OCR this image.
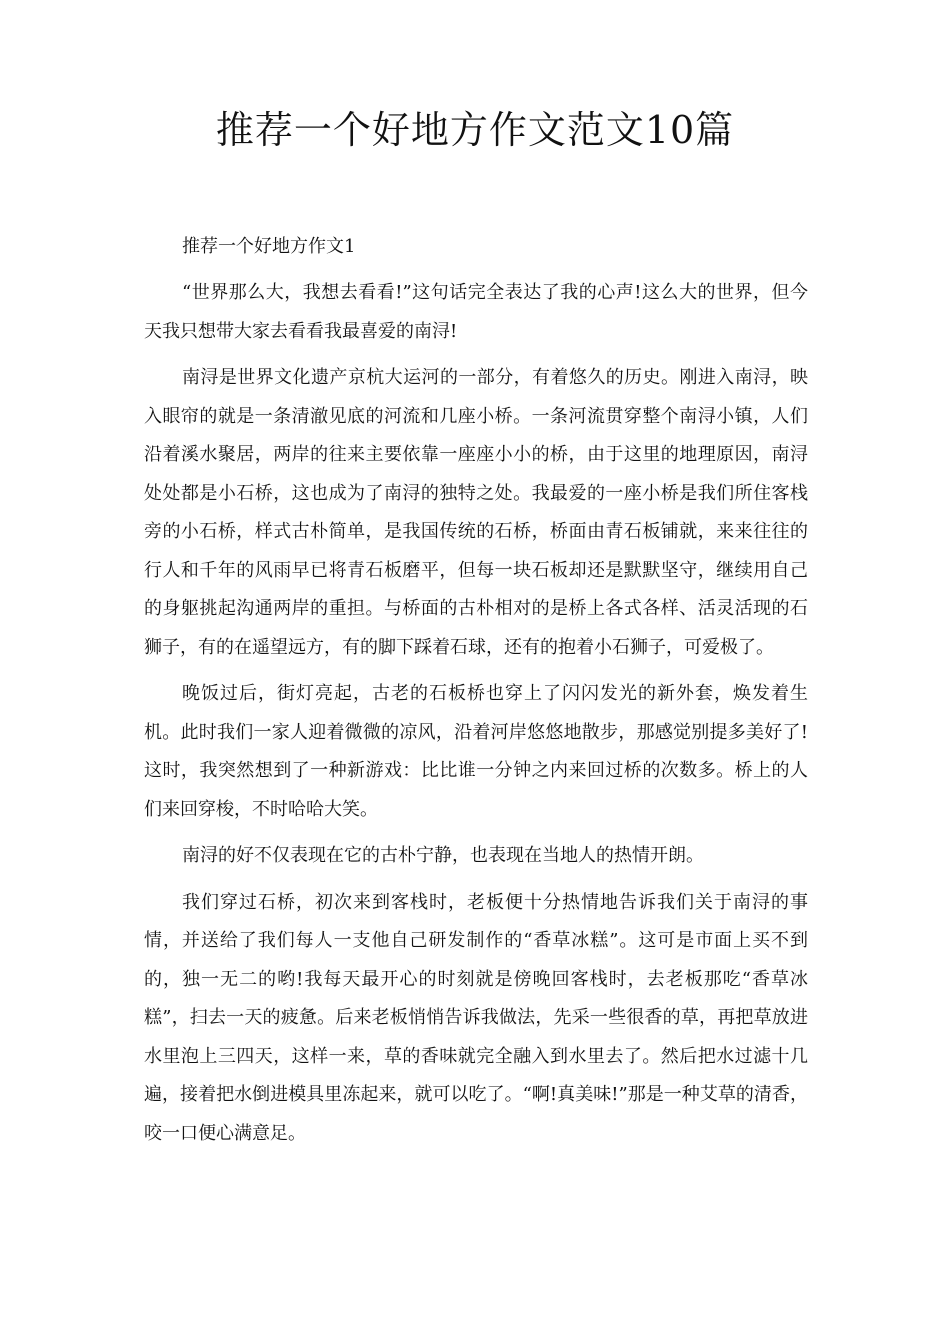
推荐一个好地方作文范文10篇

推荐一个好地方作文1

“世界那么大，我想去看看!”这句话完全表达了我的心声!这么大的世界，但今天我只想带大家去看看我最喜爱的南浔!

南浔是世界文化遗产京杭大运河的一部分，有着悠久的历史。刚进入南浔，映入眼帘的就是一条清澈见底的河流和几座小桥。一条河流贯穿整个南浔小镇，人们沿着溪水聚居，两岸的往来主要依靠一座座小小的桥，由于这里的地理原因，南浔处处都是小石桥，这也成为了南浔的独特之处。我最爱的一座小桥是我们所住客栈旁的小石桥，样式古朴简单，是我国传统的石桥，桥面由青石板铺就，来来往往的行人和千年的风雨早已将青石板磨平，但每一块石板却还是默默坚守，继续用自己的身躯挑起沟通两岸的重担。与桥面的古朴相对的是桥上各式各样、活灵活现的石狮子，有的在遥望远方，有的脚下踩着石球，还有的抱着小石狮子，可爱极了。

晚饭过后，街灯亮起，古老的石板桥也穿上了闪闪发光的新外套，焕发着生机。此时我们一家人迎着微微的凉风，沿着河岸悠悠地散步，那感觉别提多美好了!这时，我突然想到了一种新游戏：比比谁一分钟之内来回过桥的次数多。桥上的人们来回穿梭，不时哈哈大笑。

南浔的好不仅表现在它的古朴宁静，也表现在当地人的热情开朗。

我们穿过石桥，初次来到客栈时，老板便十分热情地告诉我们关于南浔的事情，并送给了我们每人一支他自己研发制作的“香草冰糕”。这可是市面上买不到的，独一无二的哟!我每天最开心的时刻就是傍晚回客栈时，去老板那吃“香草冰糕”，扫去一天的疲惫。后来老板悄悄告诉我做法，先采一些很香的草，再把草放进水里泡上三四天，这样一来，草的香味就完全融入到水里去了。然后把水过滤十几遍，接着把水倒进模具里冻起来，就可以吃了。“啊!真美味!”那是一种艾草的清香，咬一口便心满意足。
